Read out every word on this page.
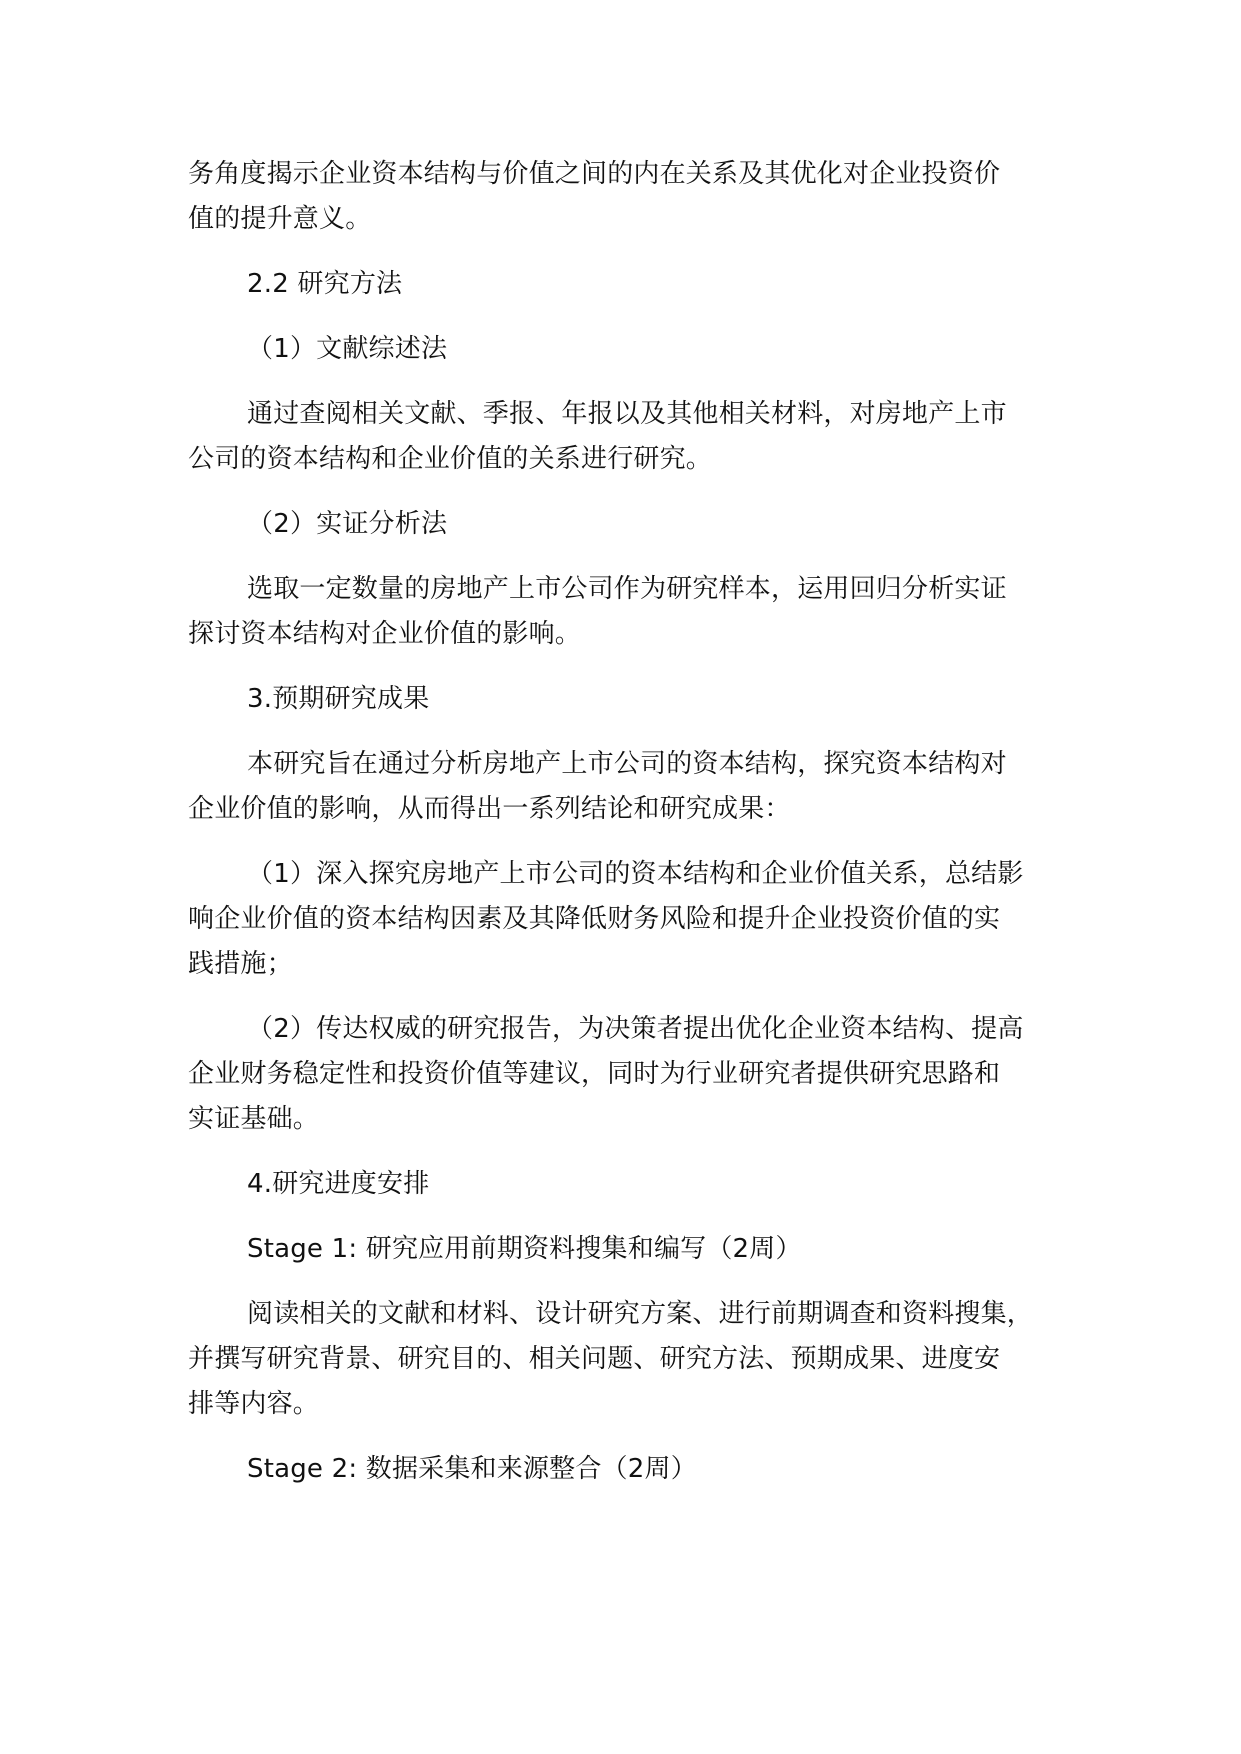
务角度揭示企业资本结构与价值之间的内在关系及其优化对企业投资价
值的提升意义。
2.2 研究方法
（1）文献综述法
通过查阅相关文献、季报、年报以及其他相关材料，对房地产上市
公司的资本结构和企业价值的关系进行研究。
（2）实证分析法
选取一定数量的房地产上市公司作为研究样本，运用回归分析实证
探讨资本结构对企业价值的影响。
3.预期研究成果
本研究旨在通过分析房地产上市公司的资本结构，探究资本结构对
企业价值的影响，从而得出一系列结论和研究成果：
（1）深入探究房地产上市公司的资本结构和企业价值关系，总结影
响企业价值的资本结构因素及其降低财务风险和提升企业投资价值的实
践措施；
（2）传达权威的研究报告，为决策者提出优化企业资本结构、提高
企业财务稳定性和投资价值等建议，同时为行业研究者提供研究思路和
实证基础。
4.研究进度安排
Stage 1: 研究应用前期资料搜集和编写（2周）
阅读相关的文献和材料、设计研究方案、进行前期调查和资料搜集，
并撰写研究背景、研究目的、相关问题、研究方法、预期成果、进度安
排等内容。
Stage 2: 数据采集和来源整合（2周）
